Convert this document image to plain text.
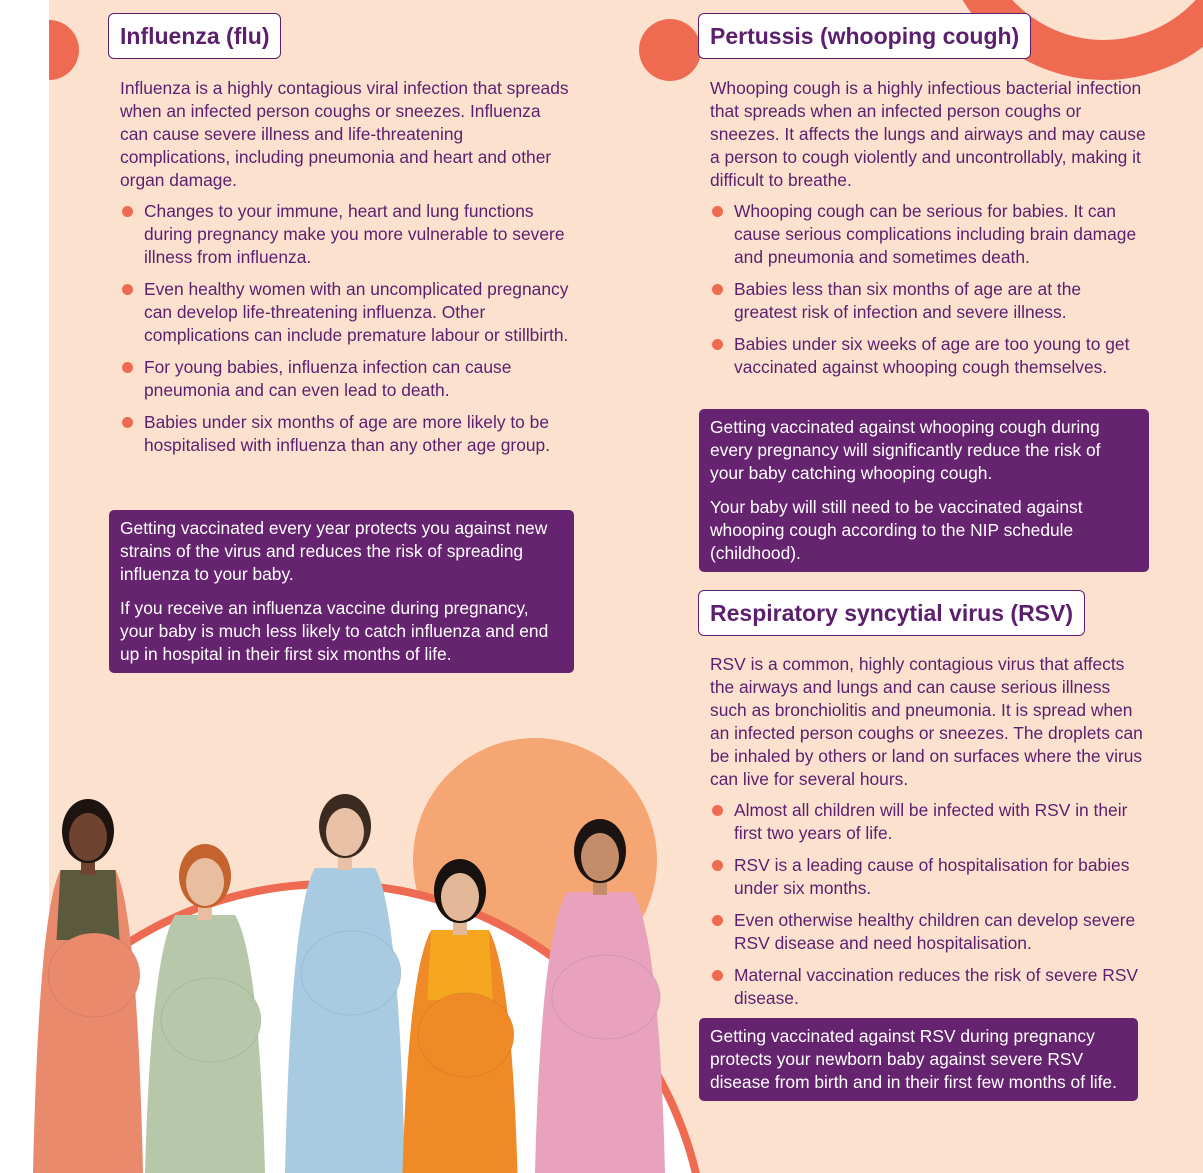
Influenza (flu)

Influenza is a highly contagious viral infection that spreads when an infected person coughs or sneezes. Influenza can cause severe illness and life-threatening complications, including pneumonia and heart and other organ damage.

Changes to your immune, heart and lung functions during pregnancy make you more vulnerable to severe illness from influenza.
Even healthy women with an uncomplicated pregnancy can develop life-threatening influenza. Other complications can include premature labour or stillbirth.
For young babies, influenza infection can cause pneumonia and can even lead to death.
Babies under six months of age are more likely to be hospitalised with influenza than any other age group.

Getting vaccinated every year protects you against new strains of the virus and reduces the risk of spreading influenza to your baby.

If you receive an influenza vaccine during pregnancy, your baby is much less likely to catch influenza and end up in hospital in their first six months of life.

Pertussis (whooping cough)

Whooping cough is a highly infectious bacterial infection that spreads when an infected person coughs or sneezes. It affects the lungs and airways and may cause a person to cough violently and uncontrollably, making it difficult to breathe.

Whooping cough can be serious for babies. It can cause serious complications including brain damage and pneumonia and sometimes death.
Babies less than six months of age are at the greatest risk of infection and severe illness.
Babies under six weeks of age are too young to get vaccinated against whooping cough themselves.

Getting vaccinated against whooping cough during every pregnancy will significantly reduce the risk of your baby catching whooping cough.

Your baby will still need to be vaccinated against whooping cough according to the NIP schedule (childhood).

Respiratory syncytial virus (RSV)

RSV is a common, highly contagious virus that affects the airways and lungs and can cause serious illness such as bronchiolitis and pneumonia. It is spread when an infected person coughs or sneezes. The droplets can be inhaled by others or land on surfaces where the virus can live for several hours.

Almost all children will be infected with RSV in their first two years of life.
RSV is a leading cause of hospitalisation for babies under six months.
Even otherwise healthy children can develop severe RSV disease and need hospitalisation.
Maternal vaccination reduces the risk of severe RSV disease.

Getting vaccinated against RSV during pregnancy protects your newborn baby against severe RSV disease from birth and in their first few months of life.
